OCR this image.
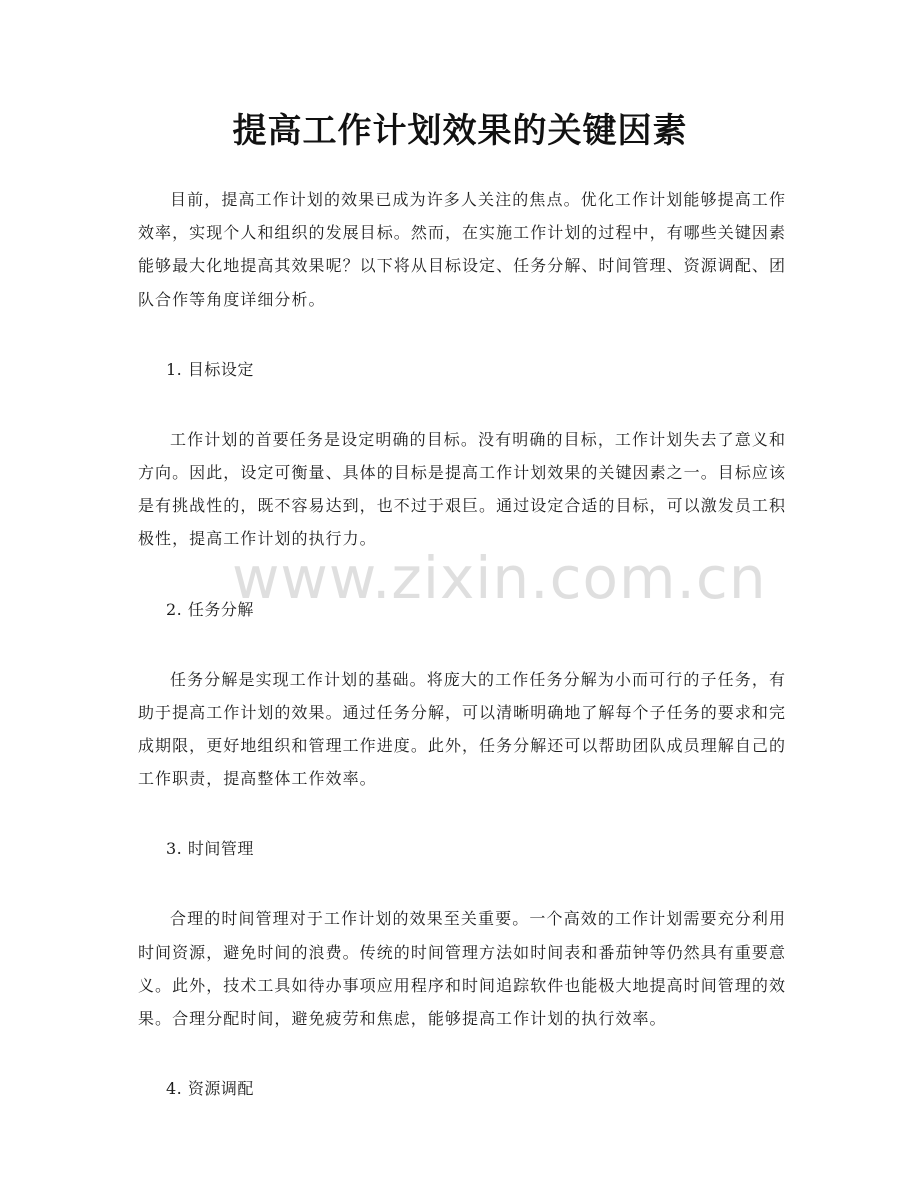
提高工作计划效果的关键因素

目前，提高工作计划的效果已成为许多人关注的焦点。优化工作计划能够提高工作效率，实现个人和组织的发展目标。然而，在实施工作计划的过程中，有哪些关键因素能够最大化地提高其效果呢？以下将从目标设定、任务分解、时间管理、资源调配、团队合作等角度详细分析。

1. 目标设定

工作计划的首要任务是设定明确的目标。没有明确的目标，工作计划失去了意义和方向。因此，设定可衡量、具体的目标是提高工作计划效果的关键因素之一。目标应该是有挑战性的，既不容易达到，也不过于艰巨。通过设定合适的目标，可以激发员工积极性，提高工作计划的执行力。

2. 任务分解

任务分解是实现工作计划的基础。将庞大的工作任务分解为小而可行的子任务，有助于提高工作计划的效果。通过任务分解，可以清晰明确地了解每个子任务的要求和完成期限，更好地组织和管理工作进度。此外，任务分解还可以帮助团队成员理解自己的工作职责，提高整体工作效率。

3. 时间管理

合理的时间管理对于工作计划的效果至关重要。一个高效的工作计划需要充分利用时间资源，避免时间的浪费。传统的时间管理方法如时间表和番茄钟等仍然具有重要意义。此外，技术工具如待办事项应用程序和时间追踪软件也能极大地提高时间管理的效果。合理分配时间，避免疲劳和焦虑，能够提高工作计划的执行效率。

4. 资源调配
www.zixin.com.cn
